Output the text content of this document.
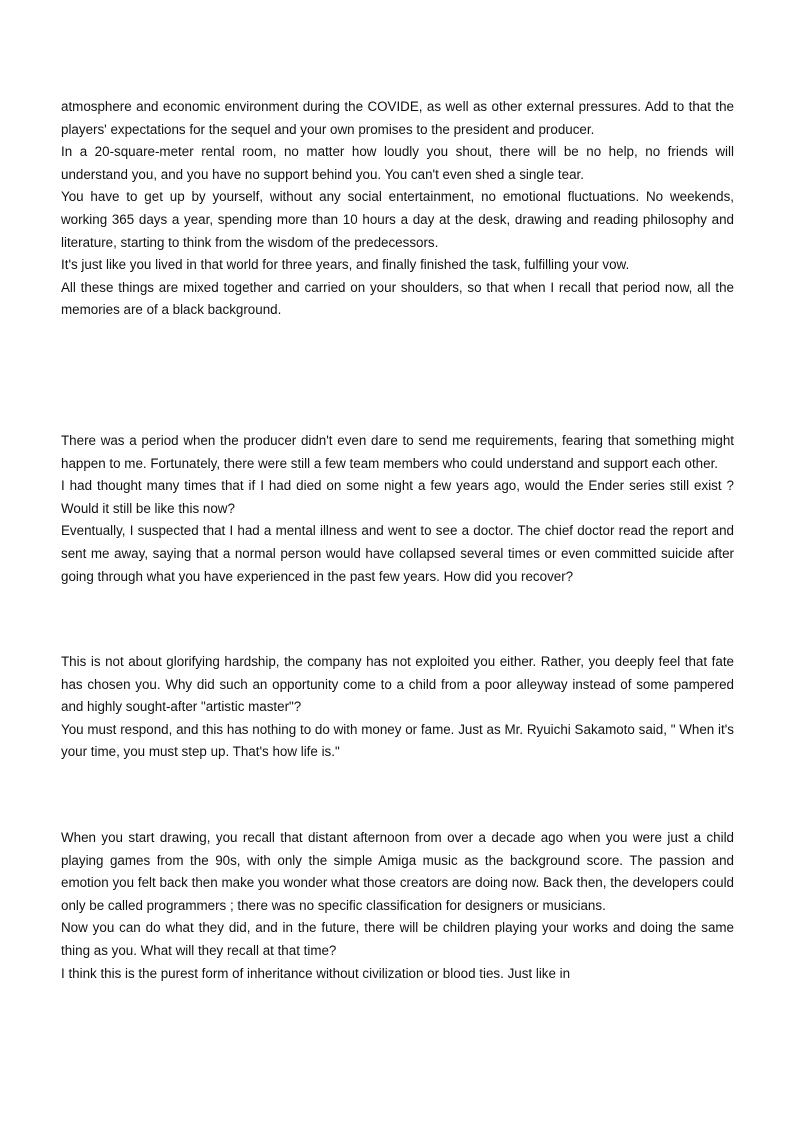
atmosphere and economic environment during the COVIDE, as well as other external pressures. Add to that the players' expectations for the sequel and your own promises to the president and producer.

In a 20-square-meter rental room, no matter how loudly you shout, there will be no help, no friends will understand you, and you have no support behind you. You can't even shed a single tear.

You have to get up by yourself, without any social entertainment, no emotional fluctuations. No weekends, working 365 days a year, spending more than 10 hours a day at the desk, drawing and reading philosophy and literature, starting to think from the wisdom of the predecessors.

It's just like you lived in that world for three years, and finally finished the task, fulfilling your vow.

All these things are mixed together and carried on your shoulders, so that when I recall that period now, all the memories are of a black background.

There was a period when the producer didn't even dare to send me requirements, fearing that something might happen to me. Fortunately, there were still a few team members who could understand and support each other.

I had thought many times that if I had died on some night a few years ago, would the Ender series still exist ? Would it still be like this now?

Eventually, I suspected that I had a mental illness and went to see a doctor. The chief doctor read the report and sent me away, saying that a normal person would have collapsed several times or even committed suicide after going through what you have experienced in the past few years. How did you recover?

This is not about glorifying hardship, the company has not exploited you either. Rather, you deeply feel that fate has chosen you. Why did such an opportunity come to a child from a poor alleyway instead of some pampered and highly sought-after "artistic master"?

You must respond, and this has nothing to do with money or fame. Just as Mr. Ryuichi Sakamoto said, " When it's your time, you must step up. That's how life is."

When you start drawing, you recall that distant afternoon from over a decade ago when you were just a child playing games from the 90s, with only the simple Amiga music as the background score. The passion and emotion you felt back then make you wonder what those creators are doing now. Back then, the developers could only be called programmers ; there was no specific classification for designers or musicians.

Now you can do what they did, and in the future, there will be children playing your works and doing the same thing as you. What will they recall at that time?

I think this is the purest form of inheritance without civilization or blood ties. Just like in
